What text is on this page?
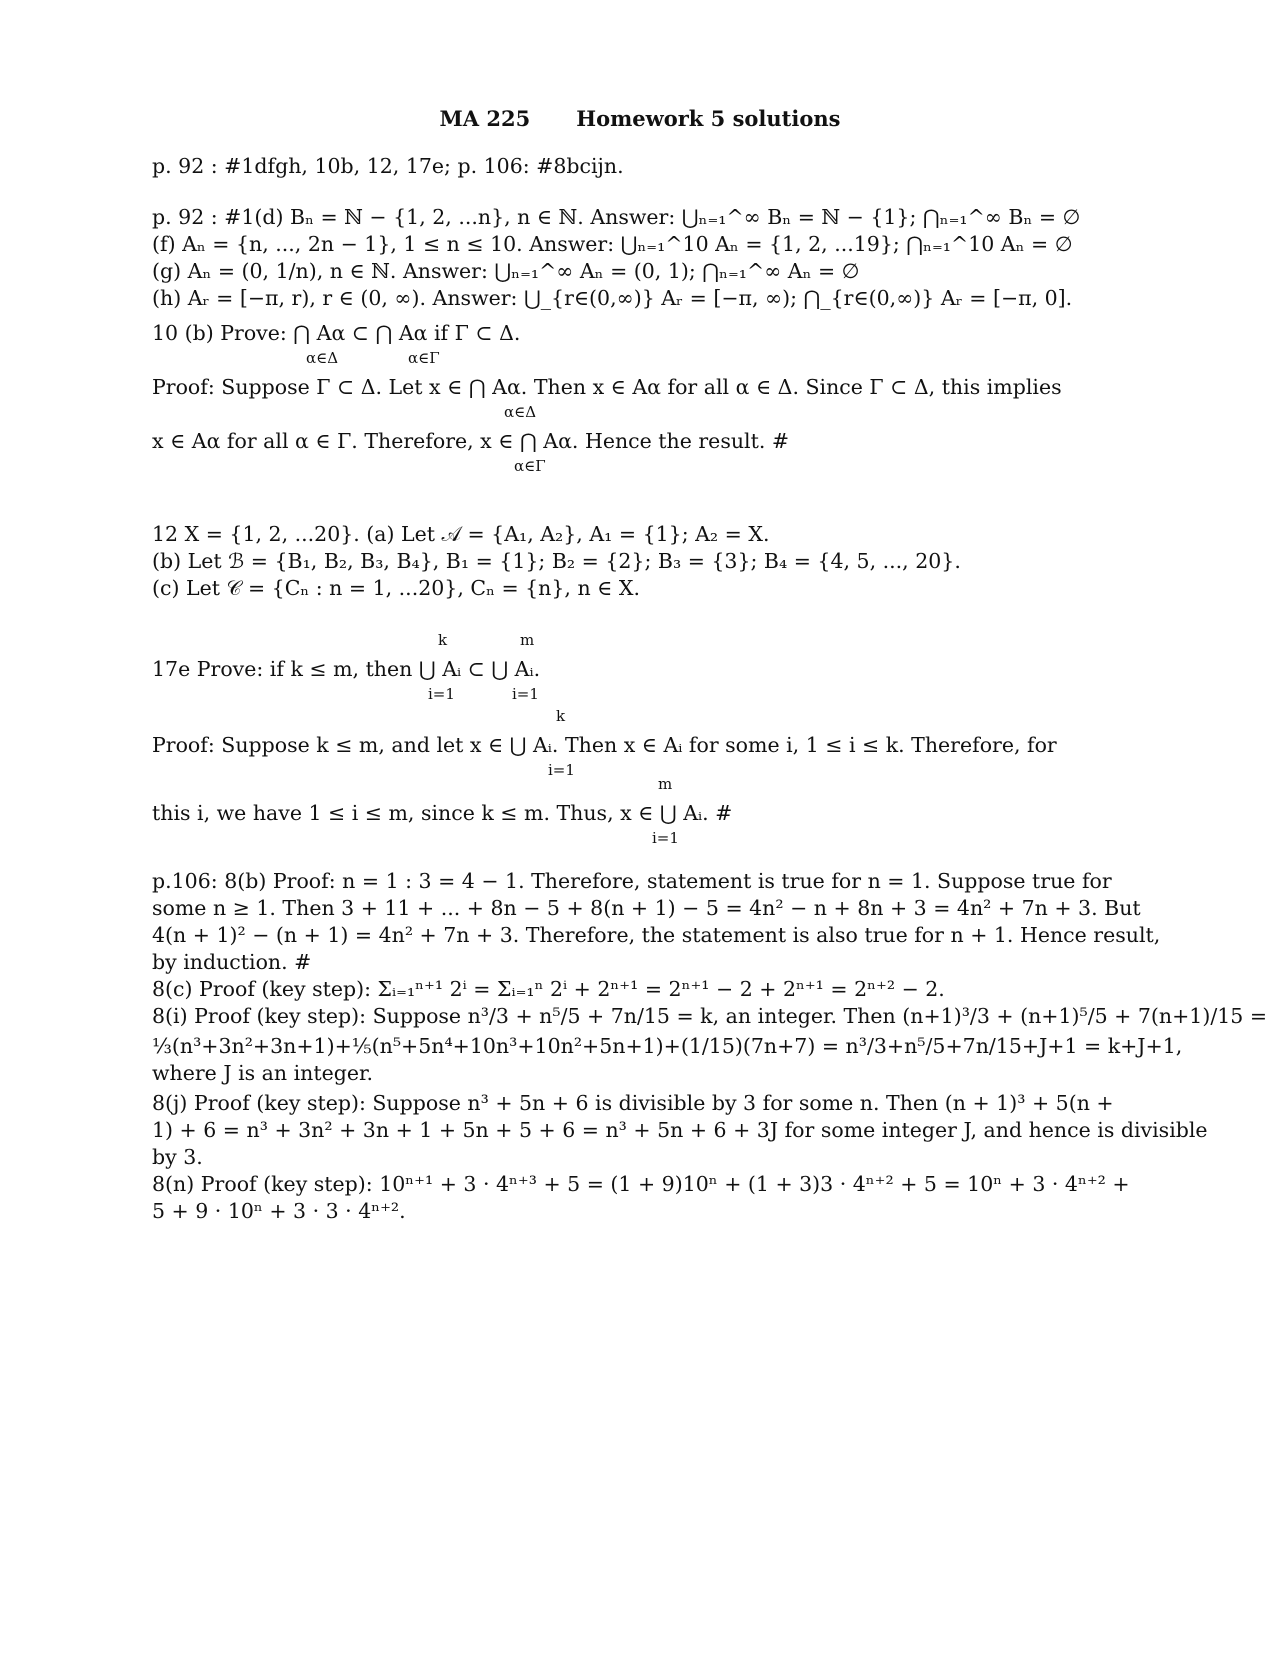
MA 225 Homework 5 solutions
p. 92 : #1dfgh, 10b, 12, 17e; p. 106: #8bcijn.
p. 92 : #1(d) Bₙ = ℕ − {1, 2, ...n}, n ∈ ℕ. Answer: ⋃ₙ₌₁^∞ Bₙ = ℕ − {1}; ⋂ₙ₌₁^∞ Bₙ = ∅
(f) Aₙ = {n, ..., 2n − 1}, 1 ≤ n ≤ 10. Answer: ⋃ₙ₌₁^10 Aₙ = {1, 2, ...19}; ⋂ₙ₌₁^10 Aₙ = ∅
(g) Aₙ = (0, 1/n), n ∈ ℕ. Answer: ⋃ₙ₌₁^∞ Aₙ = (0, 1); ⋂ₙ₌₁^∞ Aₙ = ∅
(h) Aᵣ = [−π, r), r ∈ (0, ∞). Answer: ⋃_{r∈(0,∞)} Aᵣ = [−π, ∞); ⋂_{r∈(0,∞)} Aᵣ = [−π, 0].
10 (b) Prove: ⋂ Aα ⊂ ⋂ Aα if Γ ⊂ Δ.
α∈Δ	α∈Γ
Proof: Suppose Γ ⊂ Δ. Let x ∈ ⋂ Aα. Then x ∈ Aα for all α ∈ Δ. Since Γ ⊂ Δ, this implies
α∈Δ
x ∈ Aα for all α ∈ Γ. Therefore, x ∈ ⋂ Aα. Hence the result. #
α∈Γ
12 X = {1, 2, ...20}. (a) Let 𝒜 = {A₁, A₂}, A₁ = {1}; A₂ = X.
(b) Let ℬ = {B₁, B₂, B₃, B₄}, B₁ = {1}; B₂ = {2}; B₃ = {3}; B₄ = {4, 5, ..., 20}.
(c) Let 𝒞 = {Cₙ : n = 1, ...20}, Cₙ = {n}, n ∈ X.
k	m
17e Prove: if k ≤ m, then ⋃ Aᵢ ⊂ ⋃ Aᵢ.
i=1	i=1
k
Proof: Suppose k ≤ m, and let x ∈ ⋃ Aᵢ. Then x ∈ Aᵢ for some i, 1 ≤ i ≤ k. Therefore, for
i=1
m
this i, we have 1 ≤ i ≤ m, since k ≤ m. Thus, x ∈ ⋃ Aᵢ. #
i=1
p.106: 8(b) Proof: n = 1 : 3 = 4 − 1. Therefore, statement is true for n = 1. Suppose true for
some n ≥ 1. Then 3 + 11 + ... + 8n − 5 + 8(n + 1) − 5 = 4n² − n + 8n + 3 = 4n² + 7n + 3. But
4(n + 1)² − (n + 1) = 4n² + 7n + 3. Therefore, the statement is also true for n + 1. Hence result,
by induction. #
8(c) Proof (key step): Σᵢ₌₁ⁿ⁺¹ 2ⁱ = Σᵢ₌₁ⁿ 2ⁱ + 2ⁿ⁺¹ = 2ⁿ⁺¹ − 2 + 2ⁿ⁺¹ = 2ⁿ⁺² − 2.
8(i) Proof (key step): Suppose n³/3 + n⁵/5 + 7n/15 = k, an integer. Then (n+1)³/3 + (n+1)⁵/5 + 7(n+1)/15 =
⅓(n³+3n²+3n+1)+⅕(n⁵+5n⁴+10n³+10n²+5n+1)+(1/15)(7n+7) = n³/3+n⁵/5+7n/15+J+1 = k+J+1,
where J is an integer.
8(j) Proof (key step): Suppose n³ + 5n + 6 is divisible by 3 for some n. Then (n + 1)³ + 5(n +
1) + 6 = n³ + 3n² + 3n + 1 + 5n + 5 + 6 = n³ + 5n + 6 + 3J for some integer J, and hence is divisible
by 3.
8(n) Proof (key step): 10ⁿ⁺¹ + 3 · 4ⁿ⁺³ + 5 = (1 + 9)10ⁿ + (1 + 3)3 · 4ⁿ⁺² + 5 = 10ⁿ + 3 · 4ⁿ⁺² +
5 + 9 · 10ⁿ + 3 · 3 · 4ⁿ⁺².
